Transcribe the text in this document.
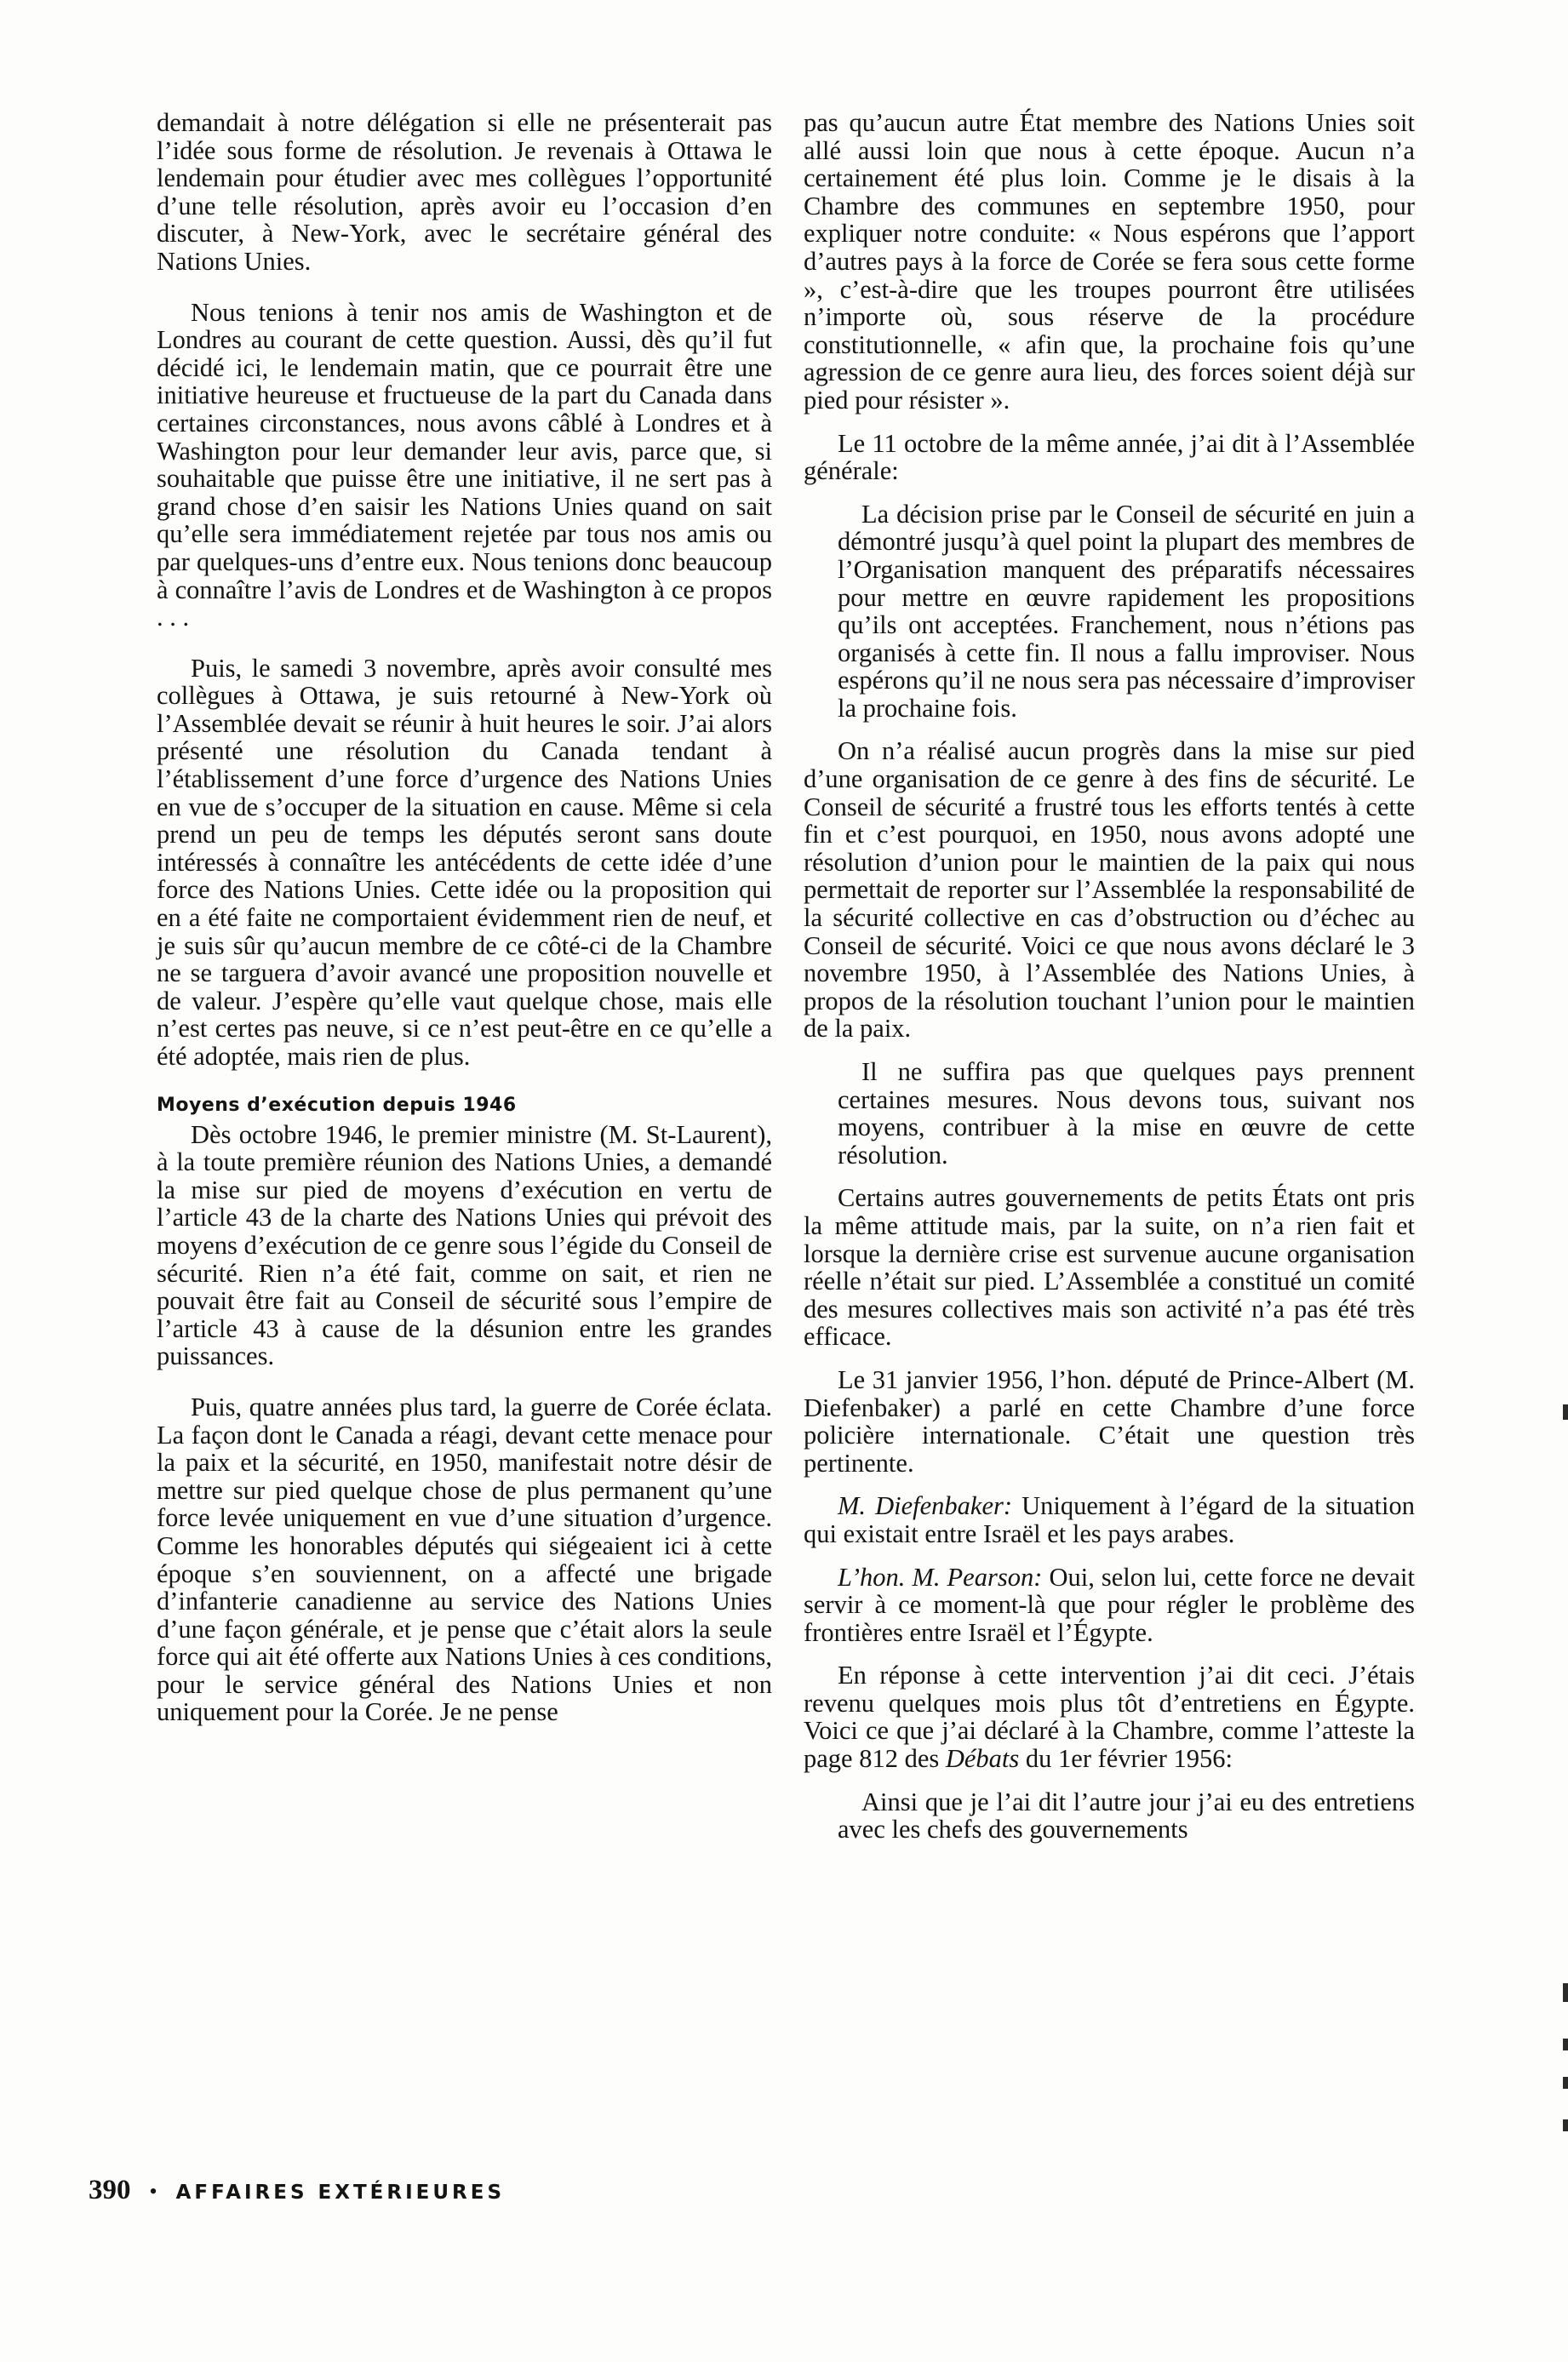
demandait à notre délégation si elle ne présenterait pas l’idée sous forme de résolution. Je revenais à Ottawa le lendemain pour étudier avec mes collègues l’opportunité d’une telle résolution, après avoir eu l’occasion d’en discuter, à New-York, avec le secrétaire général des Nations Unies.

Nous tenions à tenir nos amis de Washington et de Londres au courant de cette question. Aussi, dès qu’il fut décidé ici, le lendemain matin, que ce pourrait être une initiative heureuse et fructueuse de la part du Canada dans certaines circonstances, nous avons câblé à Londres et à Washington pour leur demander leur avis, parce que, si souhaitable que puisse être une initiative, il ne sert pas à grand chose d’en saisir les Nations Unies quand on sait qu’elle sera immédiatement rejetée par tous nos amis ou par quelques-uns d’entre eux. Nous tenions donc beaucoup à connaître l’avis de Londres et de Washington à ce propos . . .

Puis, le samedi 3 novembre, après avoir consulté mes collègues à Ottawa, je suis retourné à New-York où l’Assemblée devait se réunir à huit heures le soir. J’ai alors présenté une résolution du Canada tendant à l’établissement d’une force d’urgence des Nations Unies en vue de s’occuper de la situation en cause. Même si cela prend un peu de temps les députés seront sans doute intéressés à connaître les antécédents de cette idée d’une force des Nations Unies. Cette idée ou la proposition qui en a été faite ne comportaient évidemment rien de neuf, et je suis sûr qu’aucun membre de ce côté-ci de la Chambre ne se targuera d’avoir avancé une proposition nouvelle et de valeur. J’espère qu’elle vaut quelque chose, mais elle n’est certes pas neuve, si ce n’est peut-être en ce qu’elle a été adoptée, mais rien de plus.

Moyens d’exécution depuis 1946

Dès octobre 1946, le premier ministre (M. St-Laurent), à la toute première réunion des Nations Unies, a demandé la mise sur pied de moyens d’exécution en vertu de l’article 43 de la charte des Nations Unies qui prévoit des moyens d’exécution de ce genre sous l’égide du Conseil de sécurité. Rien n’a été fait, comme on sait, et rien ne pouvait être fait au Conseil de sécurité sous l’empire de l’article 43 à cause de la désunion entre les grandes puissances.

Puis, quatre années plus tard, la guerre de Corée éclata. La façon dont le Canada a réagi, devant cette menace pour la paix et la sécurité, en 1950, manifestait notre désir de mettre sur pied quelque chose de plus permanent qu’une force levée uniquement en vue d’une situation d’urgence. Comme les honorables députés qui siégeaient ici à cette époque s’en souviennent, on a affecté une brigade d’infanterie canadienne au service des Nations Unies d’une façon générale, et je pense que c’était alors la seule force qui ait été offerte aux Nations Unies à ces conditions, pour le service général des Nations Unies et non uniquement pour la Corée. Je ne pense

pas qu’aucun autre État membre des Nations Unies soit allé aussi loin que nous à cette époque. Aucun n’a certainement été plus loin. Comme je le disais à la Chambre des communes en septembre 1950, pour expliquer notre conduite: « Nous espérons que l’apport d’autres pays à la force de Corée se fera sous cette forme », c’est-à-dire que les troupes pourront être utilisées n’importe où, sous réserve de la procédure constitutionnelle, « afin que, la prochaine fois qu’une agression de ce genre aura lieu, des forces soient déjà sur pied pour résister ».

Le 11 octobre de la même année, j’ai dit à l’Assemblée générale:

La décision prise par le Conseil de sécurité en juin a démontré jusqu’à quel point la plupart des membres de l’Organisation manquent des préparatifs nécessaires pour mettre en œuvre rapidement les propositions qu’ils ont acceptées. Franchement, nous n’étions pas organisés à cette fin. Il nous a fallu improviser. Nous espérons qu’il ne nous sera pas nécessaire d’improviser la prochaine fois.

On n’a réalisé aucun progrès dans la mise sur pied d’une organisation de ce genre à des fins de sécurité. Le Conseil de sécurité a frustré tous les efforts tentés à cette fin et c’est pourquoi, en 1950, nous avons adopté une résolution d’union pour le maintien de la paix qui nous permettait de reporter sur l’Assemblée la responsabilité de la sécurité collective en cas d’obstruction ou d’échec au Conseil de sécurité. Voici ce que nous avons déclaré le 3 novembre 1950, à l’Assemblée des Nations Unies, à propos de la résolution touchant l’union pour le maintien de la paix.

Il ne suffira pas que quelques pays prennent certaines mesures. Nous devons tous, suivant nos moyens, contribuer à la mise en œuvre de cette résolution.

Certains autres gouvernements de petits États ont pris la même attitude mais, par la suite, on n’a rien fait et lorsque la dernière crise est survenue aucune organisation réelle n’était sur pied. L’Assemblée a constitué un comité des mesures collectives mais son activité n’a pas été très efficace.

Le 31 janvier 1956, l’hon. député de Prince-Albert (M. Diefenbaker) a parlé en cette Chambre d’une force policière internationale. C’était une question très pertinente.

M. Diefenbaker: Uniquement à l’égard de la situation qui existait entre Israël et les pays arabes.

L’hon. M. Pearson: Oui, selon lui, cette force ne devait servir à ce moment-là que pour régler le problème des frontières entre Israël et l’Égypte.

En réponse à cette intervention j’ai dit ceci. J’étais revenu quelques mois plus tôt d’entretiens en Égypte. Voici ce que j’ai déclaré à la Chambre, comme l’atteste la page 812 des Débats du 1er février 1956:

Ainsi que je l’ai dit l’autre jour j’ai eu des entretiens avec les chefs des gouvernements

390 • AFFAIRES EXTÉRIEURES
